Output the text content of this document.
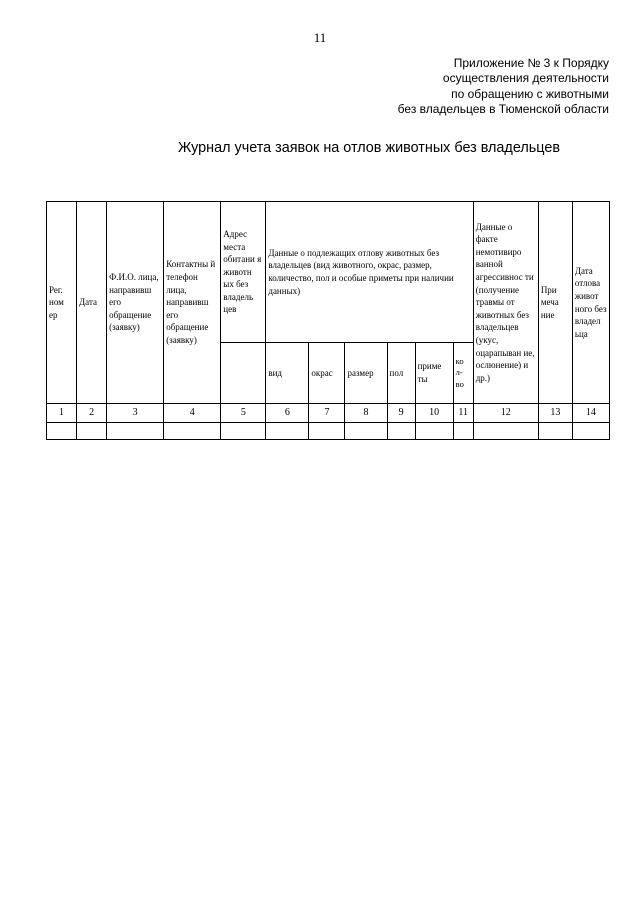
11
Приложение № 3 к Порядку
осуществления деятельности
по обращению с животными
без владельцев в Тюменской области
Журнал учета заявок на отлов животных без владельцев
Рег. ном ер	Дата	Ф.И.О. лица, направивш его обращение (заявку)	Контактны й телефон лица, направивш его обращение (заявку)	Адрес места обитани я животн ых без владель цев	Данные о подлежащих отлову животных без владельцев (вид животного, окрас, размер, количество, пол и особые приметы при наличии данных)						Данные о факте немотивиро ванной агрессивнос ти (получение травмы от животных без владельцев (укус, оцарапыван ие, ослюнение) и др.)	При меча ние	Дата отлова живот ного без владел ьца
					вид	окрас	размер	пол	приме ты	ко л- во			
1	2	3	4	5	6	7	8	9	10	11	12	13	14
